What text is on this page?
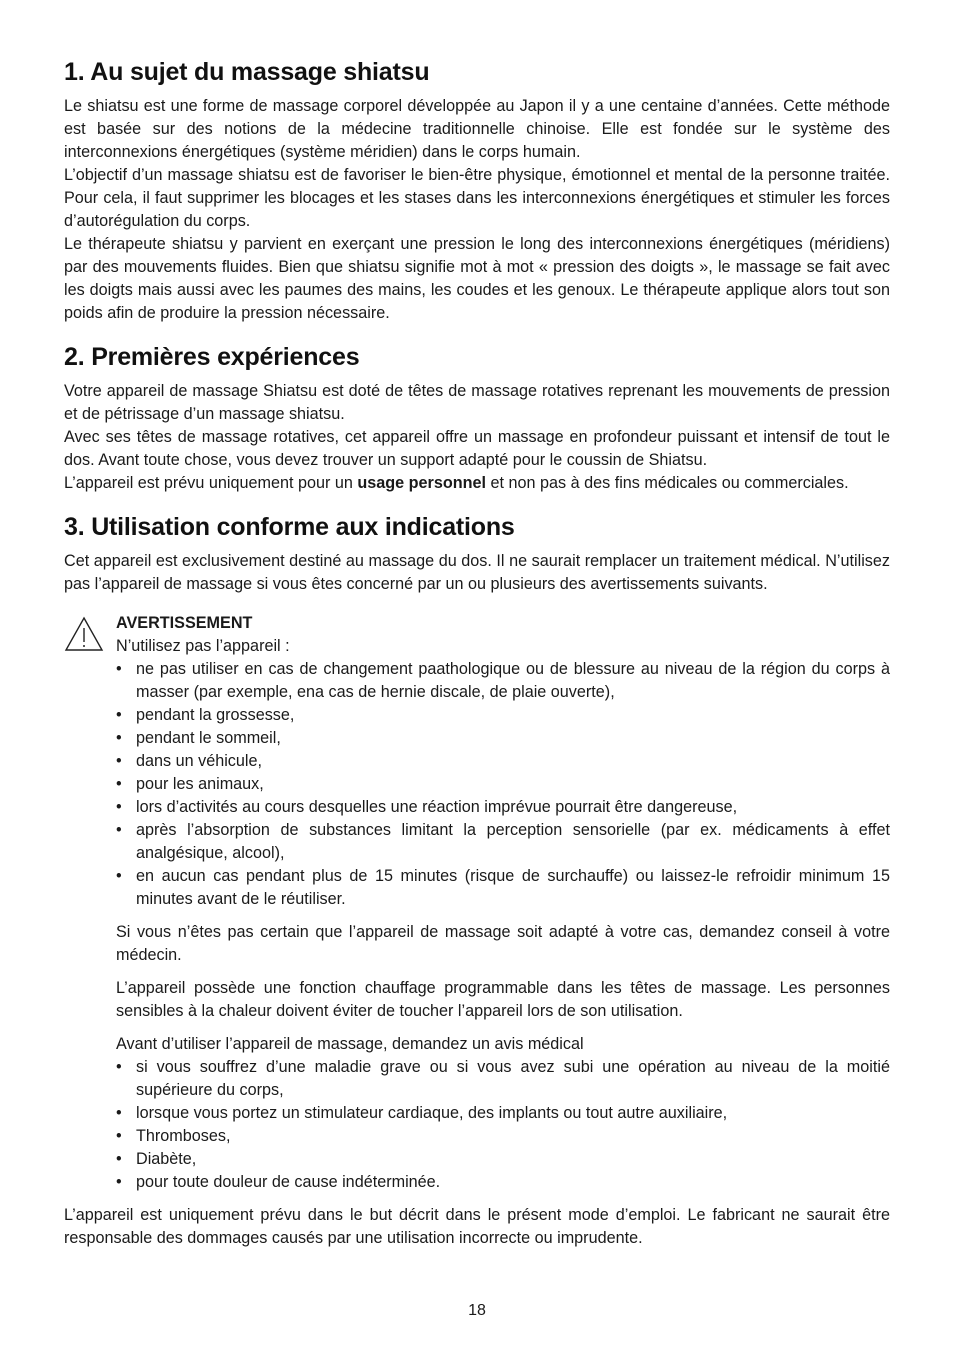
1. Au sujet du massage shiatsu

Le shiatsu est une forme de massage corporel développée au Japon il y a une centaine d’années. Cette méthode est basée sur des notions de la médecine traditionnelle chinoise. Elle est fondée sur le système des interconnexions énergétiques (système méridien) dans le corps humain.

L’objectif d’un massage shiatsu est de favoriser le bien-être physique, émotionnel et mental de la personne traitée. Pour cela, il faut supprimer les blocages et les stases dans les interconnexions énergétiques et stimuler les forces d’autorégulation du corps.

Le thérapeute shiatsu y parvient en exerçant une pression le long des interconnexions énergétiques (méridiens) par des mouvements fluides. Bien que shiatsu signifie mot à mot « pression des doigts », le massage se fait avec les doigts mais aussi avec les paumes des mains, les coudes et les genoux. Le thérapeute applique alors tout son poids afin de produire la pression nécessaire.

2. Premières expériences

Votre appareil de massage Shiatsu est doté de têtes de massage rotatives reprenant les mouvements de pression et de pétrissage d’un massage shiatsu.

Avec ses têtes de massage rotatives, cet appareil offre un massage en profondeur puissant et intensif de tout le dos. Avant toute chose, vous devez trouver un support adapté pour le coussin de Shiatsu.

L’appareil est prévu uniquement pour un usage personnel et non pas à des fins médicales ou commerciales.

3. Utilisation conforme aux indications

Cet appareil est exclusivement destiné au massage du dos. Il ne saurait remplacer un traitement médical. N’utilisez pas l’appareil de massage si vous êtes concerné par un ou plusieurs des avertissements suivants.

AVERTISSEMENT

N’utilisez pas l’appareil :

• ne pas utiliser en cas de changement paathologique ou de blessure au niveau de la région du corps à masser (par exemple, ena cas de hernie discale, de plaie ouverte),
• pendant la grossesse,
• pendant le sommeil,
• dans un véhicule,
• pour les animaux,
• lors d’activités au cours desquelles une réaction imprévue pourrait être dangereuse,
• après l’absorption de substances limitant la perception sensorielle (par ex. médicaments à effet analgésique, alcool),
• en aucun cas pendant plus de 15 minutes (risque de surchauffe) ou laissez-le refroidir minimum 15 minutes avant de le réutiliser.

Si vous n’êtes pas certain que l’appareil de massage soit adapté à votre cas, demandez conseil à votre médecin.

L’appareil possède une fonction chauffage programmable dans les têtes de massage. Les personnes sensibles à la chaleur doivent éviter de toucher l’appareil lors de son utilisation.

Avant d’utiliser l’appareil de massage, demandez un avis médical

• si vous souffrez d’une maladie grave ou si vous avez subi une opération au niveau de la moitié supérieure du corps,
• lorsque vous portez un stimulateur cardiaque, des implants ou tout autre auxiliaire,
• Thromboses,
• Diabète,
• pour toute douleur de cause indéterminée.

L’appareil est uniquement prévu dans le but décrit dans le présent mode d’emploi. Le fabricant ne saurait être responsable des dommages causés par une utilisation incorrecte ou imprudente.

18
